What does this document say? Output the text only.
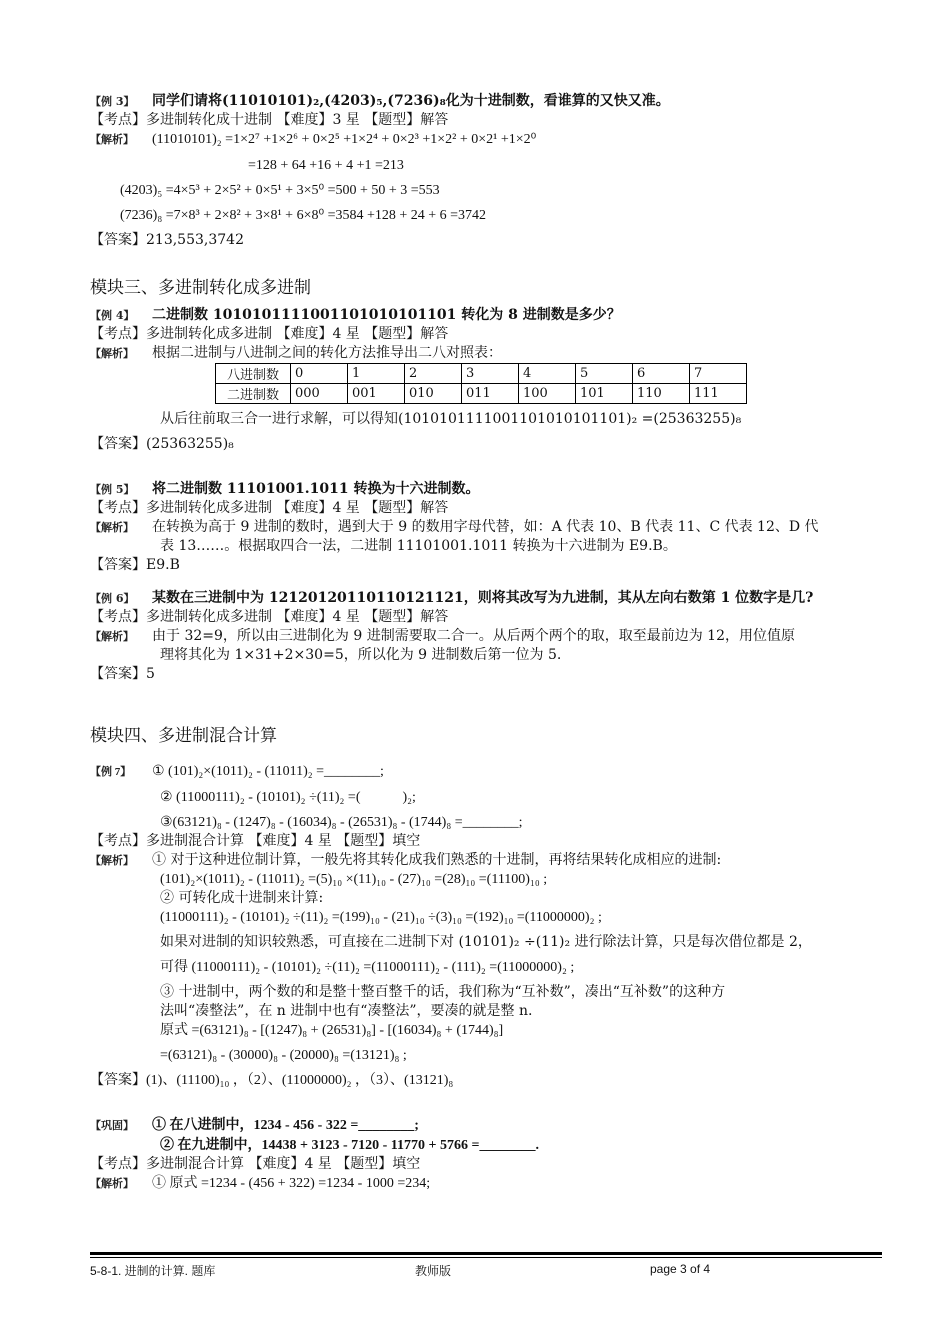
【例 3】 同学们请将(11010101)₂,(4203)₅,(7236)₈化为十进制数，看谁算的又快又准。

【考点】多进制转化成十进制 【难度】3 星 【题型】解答

【解析】 (11010101)₂ =1×2⁷ +1×2⁶ + 0×2⁵ +1×2⁴ + 0×2³ +1×2² + 0×2¹ +1×2⁰

=128 + 64 +16 + 4 +1 =213

(4203)₅ =4×5³ + 2×5² + 0×5¹ + 3×5⁰ =500 + 50 + 3 =553

(7236)₈ =7×8³ + 2×8² + 3×8¹ + 6×8⁰ =3584 +128 + 24 + 6 =3742

【答案】213,553,3742

模块三、多进制转化成多进制

【例 4】 二进制数 1010101111001101010101101 转化为 8 进制数是多少？

【考点】多进制转化成多进制 【难度】4 星 【题型】解答

【解析】 根据二进制与八进制之间的转化方法推导出二八对照表：

八进制数	0	1	2	3	4	5	6	7
二进制数	000	001	010	011	100	101	110	111

从后往前取三合一进行求解，可以得知(1010101111001101010101101)₂ =(25363255)₈

【答案】(25363255)₈

【例 5】 将二进制数 11101001.1011 转换为十六进制数。

【考点】多进制转化成多进制 【难度】4 星 【题型】解答

【解析】 在转换为高于 9 进制的数时，遇到大于 9 的数用字母代替，如：A 代表 10、B 代表 11、C 代表 12、D 代

表 13……。根据取四合一法，二进制 11101001.1011 转换为十六进制为 E9.B。

【答案】E9.B

【例 6】 某数在三进制中为 12120120110110121121，则将其改写为九进制，其从左向右数第 1 位数字是几?

【考点】多进制转化成多进制 【难度】4 星 【题型】解答

【解析】 由于 32=9，所以由三进制化为 9 进制需要取二合一。从后两个两个的取，取至最前边为 12，用位值原

理将其化为 1×31+2×30=5，所以化为 9 进制数后第一位为 5.

【答案】5

模块四、多进制混合计算

【例 7】 ① (101)₂×(1011)₂ - (11011)₂ =________;

② (11000111)₂ - (10101)₂ ÷(11)₂ =(　　　)₂;

③(63121)₈ - (1247)₈ - (16034)₈ - (26531)₈ - (1744)₈ =________;

【考点】多进制混合计算 【难度】4 星 【题型】填空

【解析】 ① 对于这种进位制计算，一般先将其转化成我们熟悉的十进制，再将结果转化成相应的进制:

(101)₂×(1011)₂ - (11011)₂ =(5)₁₀ ×(11)₁₀ - (27)₁₀ =(28)₁₀ =(11100)₁₀ ;

② 可转化成十进制来计算:

(11000111)₂ - (10101)₂ ÷(11)₂ =(199)₁₀ - (21)₁₀ ÷(3)₁₀ =(192)₁₀ =(11000000)₂ ;

如果对进制的知识较熟悉，可直接在二进制下对 (10101)₂ ÷(11)₂ 进行除法计算，只是每次借位都是 2，

可得 (11000111)₂ - (10101)₂ ÷(11)₂ =(11000111)₂ - (111)₂ =(11000000)₂ ;

③ 十进制中，两个数的和是整十整百整千的话，我们称为“互补数”，凑出“互补数”的这种方

法叫“凑整法”，在 n 进制中也有“凑整法”，要凑的就是整 n.

原式 =(63121)₈ - [(1247)₈ + (26531)₈] - [(16034)₈ + (1744)₈]

=(63121)₈ - (30000)₈ - (20000)₈ =(13121)₈ ;

【答案】(1)、(11100)₁₀ ，（2）、(11000000)₂ ，（3）、(13121)₈

【巩固】 ① 在八进制中，1234 - 456 - 322 =________;

② 在九进制中，14438 + 3123 - 7120 - 11770 + 5766 =________.

【考点】多进制混合计算 【难度】4 星 【题型】填空

【解析】 ① 原式 =1234 - (456 + 322) =1234 - 1000 =234;

5-8-1. 进制的计算. 题库	教师版	page 3 of 4
